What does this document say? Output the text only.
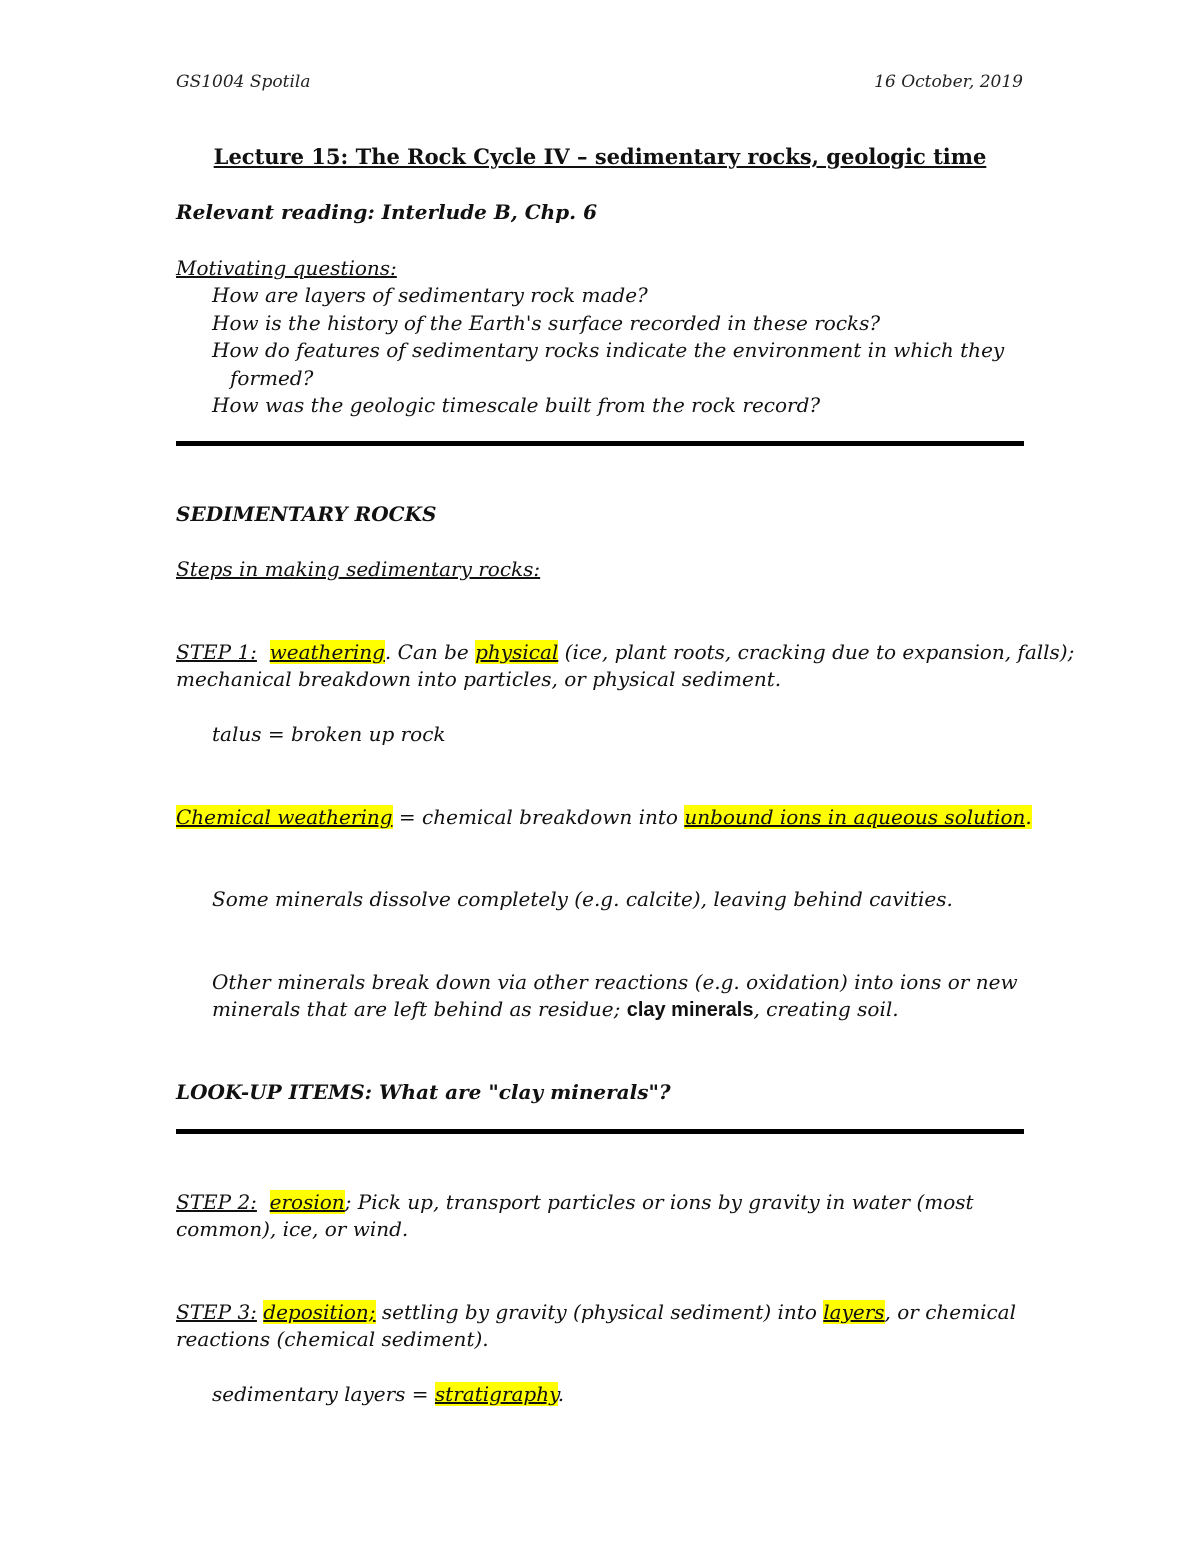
GS1004 Spotila	16 October, 2019
Lecture 15: The Rock Cycle IV – sedimentary rocks, geologic time
Relevant reading: Interlude B, Chp. 6
Motivating questions:
How are layers of sedimentary rock made?
How is the history of the Earth's surface recorded in these rocks?
How do features of sedimentary rocks indicate the environment in which they
formed?
How was the geologic timescale built from the rock record?
SEDIMENTARY ROCKS
Steps in making sedimentary rocks:
STEP 1: weathering. Can be physical (ice, plant roots, cracking due to expansion, falls);
mechanical breakdown into particles, or physical sediment.
talus = broken up rock
Chemical weathering = chemical breakdown into unbound ions in aqueous solution.
Some minerals dissolve completely (e.g. calcite), leaving behind cavities.
Other minerals break down via other reactions (e.g. oxidation) into ions or new
minerals that are left behind as residue; clay minerals, creating soil.
LOOK-UP ITEMS: What are "clay minerals"?
STEP 2: erosion; Pick up, transport particles or ions by gravity in water (most
common), ice, or wind.
STEP 3: deposition; settling by gravity (physical sediment) into layers, or chemical
reactions (chemical sediment).
sedimentary layers = stratigraphy.
